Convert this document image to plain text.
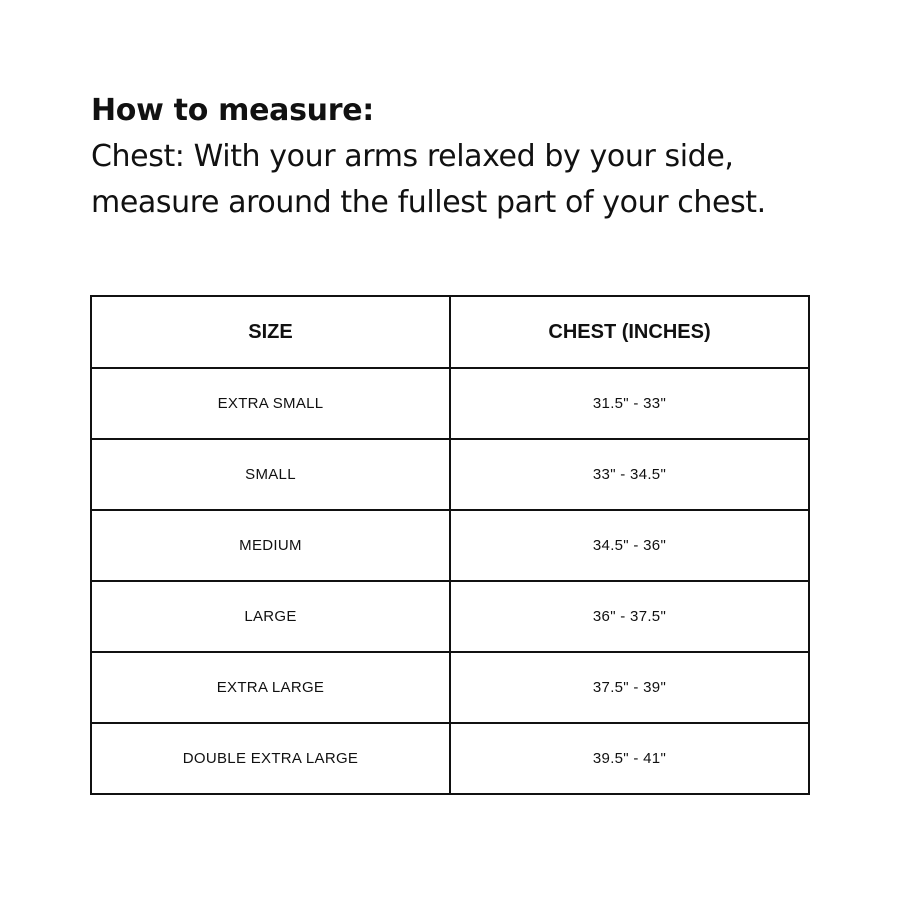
How to measure:

Chest: With your arms relaxed by your side, measure around the fullest part of your chest.

SIZE	CHEST (INCHES)
EXTRA SMALL	31.5" - 33"
SMALL	33" - 34.5"
MEDIUM	34.5" - 36"
LARGE	36" - 37.5"
EXTRA LARGE	37.5" - 39"
DOUBLE EXTRA LARGE	39.5" - 41"
